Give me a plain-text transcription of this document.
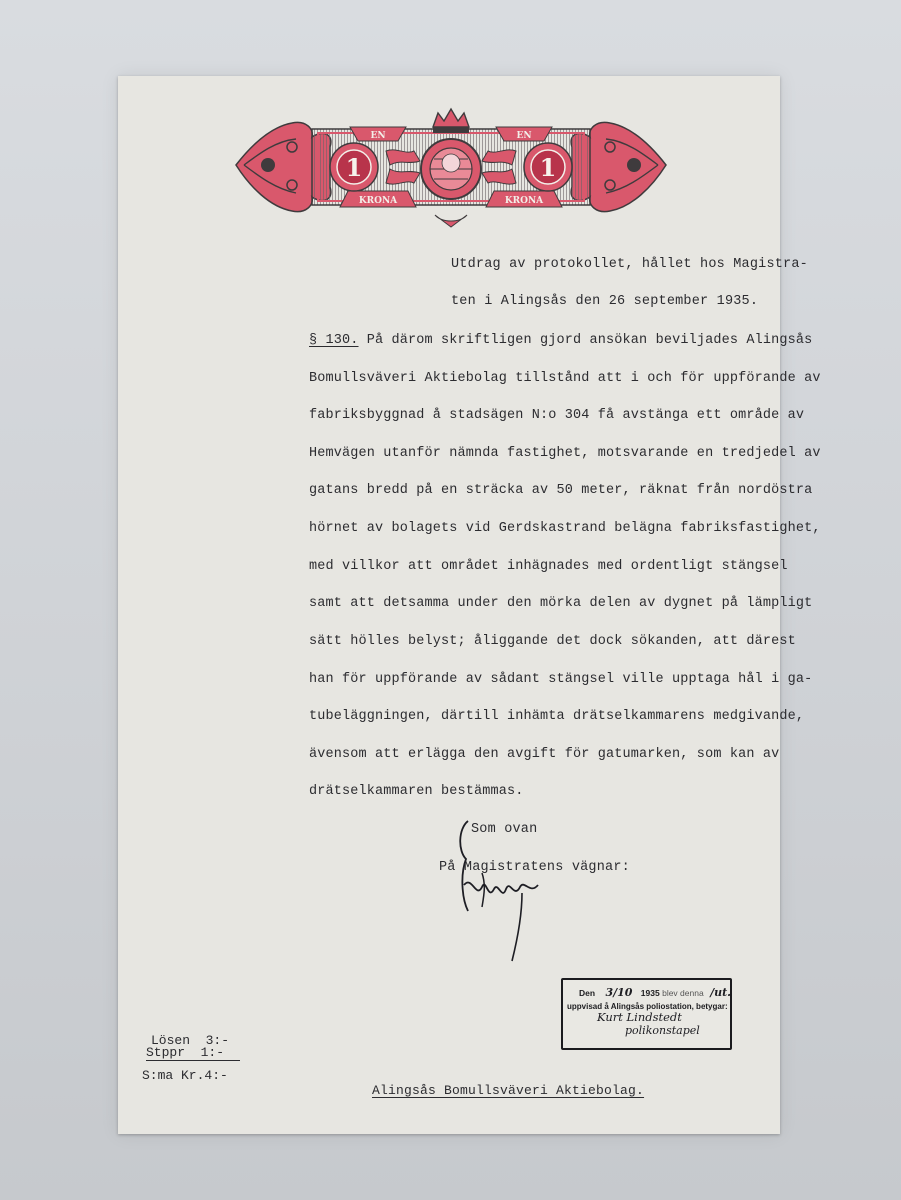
EN	EN
KRONA	KRONA
1	1
Utdrag av protokollet, hållet hos Magistra-
ten i Alingsås den 26 september 1935.
§ 130. På därom skriftligen gjord ansökan beviljades Alingsås
Bomullsväveri Aktiebolag tillstånd att i och för uppförande av
fabriksbyggnad å stadsägen N:o 304 få avstänga ett område av
Hemvägen utanför nämnda fastighet, motsvarande en tredjedel av
gatans bredd på en sträcka av 50 meter, räknat från nordöstra
hörnet av bolagets vid Gerdskastrand belägna fabriksfastighet,
med villkor att området inhägnades med ordentligt stängsel
samt att detsamma under den mörka delen av dygnet på lämpligt
sätt hölles belyst; åliggande det dock sökanden, att därest
han för uppförande av sådant stängsel ville upptaga hål i ga-
tubeläggningen, därtill inhämta drätselkammarens medgivande,
ävensom att erlägga den avgift för gatumarken, som kan av
drätselkammaren bestämmas.
Som ovan
På Magistratens vägnar:
Den 3/10 1935 blev denna /ut.
uppvisad å Alingsås poliostation, betygar:
Kurt Lindstedt
polikonstapel
Lösen 3:-
Stppr 1:-
S:ma Kr.4:-
Alingsås Bomullsväveri Aktiebolag.
